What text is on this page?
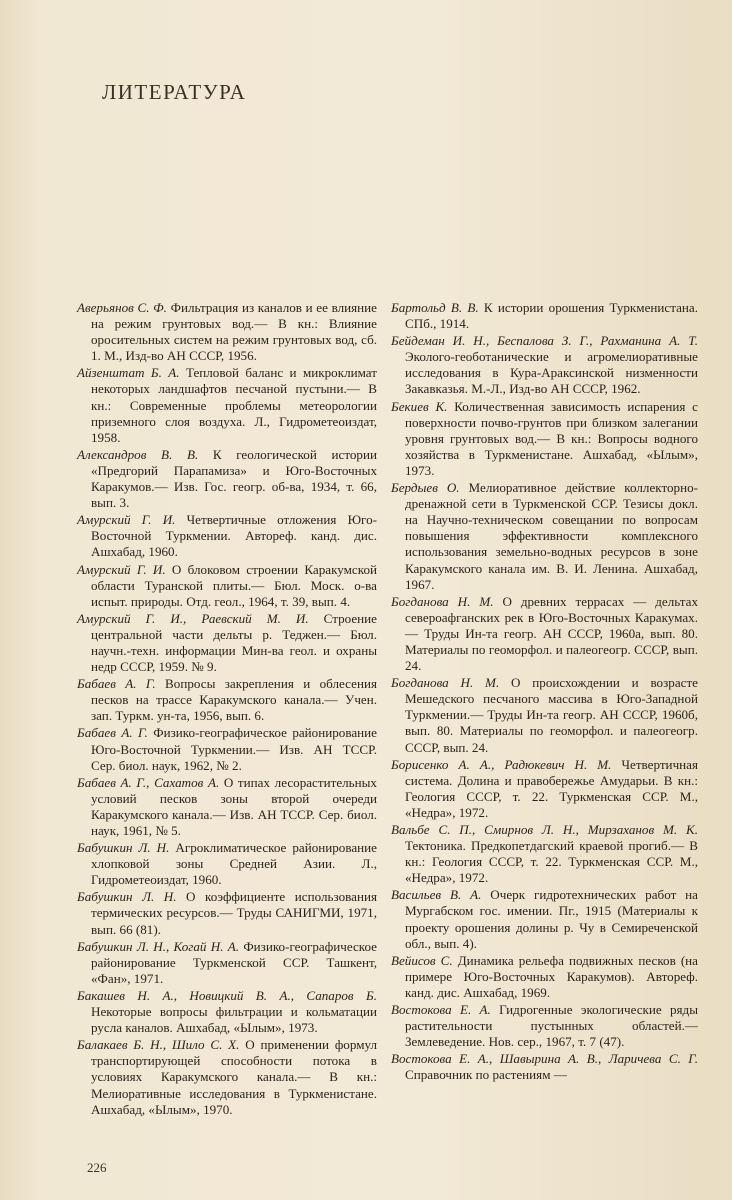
ЛИТЕРАТУРА

Аверьянов С. Ф. Фильтрация из каналов и ее влияние на режим грунтовых вод.— В кн.: Влияние оросительных систем на режим грунтовых вод, сб. 1. М., Изд-во АН СССР, 1956.

Айзенштат Б. А. Тепловой баланс и микроклимат некоторых ландшафтов песчаной пустыни.— В кн.: Современные проблемы метеорологии приземного слоя воздуха. Л., Гидрометеоиздат, 1958.

Александров В. В. К геологической истории «Предгорий Парапамиза» и Юго-Восточных Каракумов.— Изв. Гос. геогр. об-ва, 1934, т. 66, вып. 3.

Амурский Г. И. Четвертичные отложения Юго-Восточной Туркмении. Автореф. канд. дис. Ашхабад, 1960.

Амурский Г. И. О блоковом строении Каракумской области Туранской плиты.— Бюл. Моск. о-ва испыт. природы. Отд. геол., 1964, т. 39, вып. 4.

Амурский Г. И., Раевский М. И. Строение центральной части дельты р. Теджен.— Бюл. научн.-техн. информации Мин-ва геол. и охраны недр СССР, 1959. № 9.

Бабаев А. Г. Вопросы закрепления и облесения песков на трассе Каракумского канала.— Учен. зап. Туркм. ун-та, 1956, вып. 6.

Бабаев А. Г. Физико-географическое районирование Юго-Восточной Туркмении.— Изв. АН ТССР. Сер. биол. наук, 1962, № 2.

Бабаев А. Г., Сахатов А. О типах лесорастительных условий песков зоны второй очереди Каракумского канала.— Изв. АН ТССР. Сер. биол. наук, 1961, № 5.

Бабушкин Л. Н. Агроклиматическое районирование хлопковой зоны Средней Азии. Л., Гидрометеоиздат, 1960.

Бабушкин Л. Н. О коэффициенте использования термических ресурсов.— Труды САНИГМИ, 1971, вып. 66 (81).

Бабушкин Л. Н., Когай Н. А. Физико-географическое районирование Туркменской ССР. Ташкент, «Фан», 1971.

Бакашев Н. А., Новицкий В. А., Сапаров Б. Некоторые вопросы фильтрации и кольматации русла каналов. Ашхабад, «Ылым», 1973.

Балакаев Б. Н., Шило С. Х. О применении формул транспортирующей способности потока в условиях Каракумского канала.— В кн.: Мелиоративные исследования в Туркменистане. Ашхабад, «Ылым», 1970.

Бартольд В. В. К истории орошения Туркменистана. СПб., 1914.

Бейдеман И. Н., Беспалова З. Г., Рахманина А. Т. Эколого-геоботанические и агромелиоративные исследования в Кура-Араксинской низменности Закавказья. М.-Л., Изд-во АН СССР, 1962.

Бекиев К. Количественная зависимость испарения с поверхности почво-грунтов при близком залегании уровня грунтовых вод.— В кн.: Вопросы водного хозяйства в Туркменистане. Ашхабад, «Ылым», 1973.

Бердыев О. Мелиоративное действие коллекторно-дренажной сети в Туркменской ССР. Тезисы докл. на Научно-техническом совещании по вопросам повышения эффективности комплексного использования земельно-водных ресурсов в зоне Каракумского канала им. В. И. Ленина. Ашхабад, 1967.

Богданова Н. М. О древних террасах — дельтах североафганских рек в Юго-Восточных Каракумах.— Труды Ин-та геогр. АН СССР, 1960а, вып. 80. Материалы по геоморфол. и палеогеогр. СССР, вып. 24.

Богданова Н. М. О происхождении и возрасте Мешедского песчаного массива в Юго-Западной Туркмении.— Труды Ин-та геогр. АН СССР, 1960б, вып. 80. Материалы по геоморфол. и палеогеогр. СССР, вып. 24.

Борисенко А. А., Радюкевич Н. М. Четвертичная система. Долина и правобережье Амударьи. В кн.: Геология СССР, т. 22. Туркменская ССР. М., «Недра», 1972.

Вальбе С. П., Смирнов Л. Н., Мирзаханов М. К. Тектоника. Предкопетдагский краевой прогиб.— В кн.: Геология СССР, т. 22. Туркменская ССР. М., «Недра», 1972.

Васильев В. А. Очерк гидротехнических работ на Мургабском гос. имении. Пг., 1915 (Материалы к проекту орошения долины р. Чу в Семиреченской обл., вып. 4).

Вейисов С. Динамика рельефа подвижных песков (на примере Юго-Восточных Каракумов). Автореф. канд. дис. Ашхабад, 1969.

Востокова Е. А. Гидрогенные экологические ряды растительности пустынных областей.— Землеведение. Нов. сер., 1967, т. 7 (47).

Востокова Е. А., Шавырина А. В., Ларичева С. Г. Справочник по растениям —

226
